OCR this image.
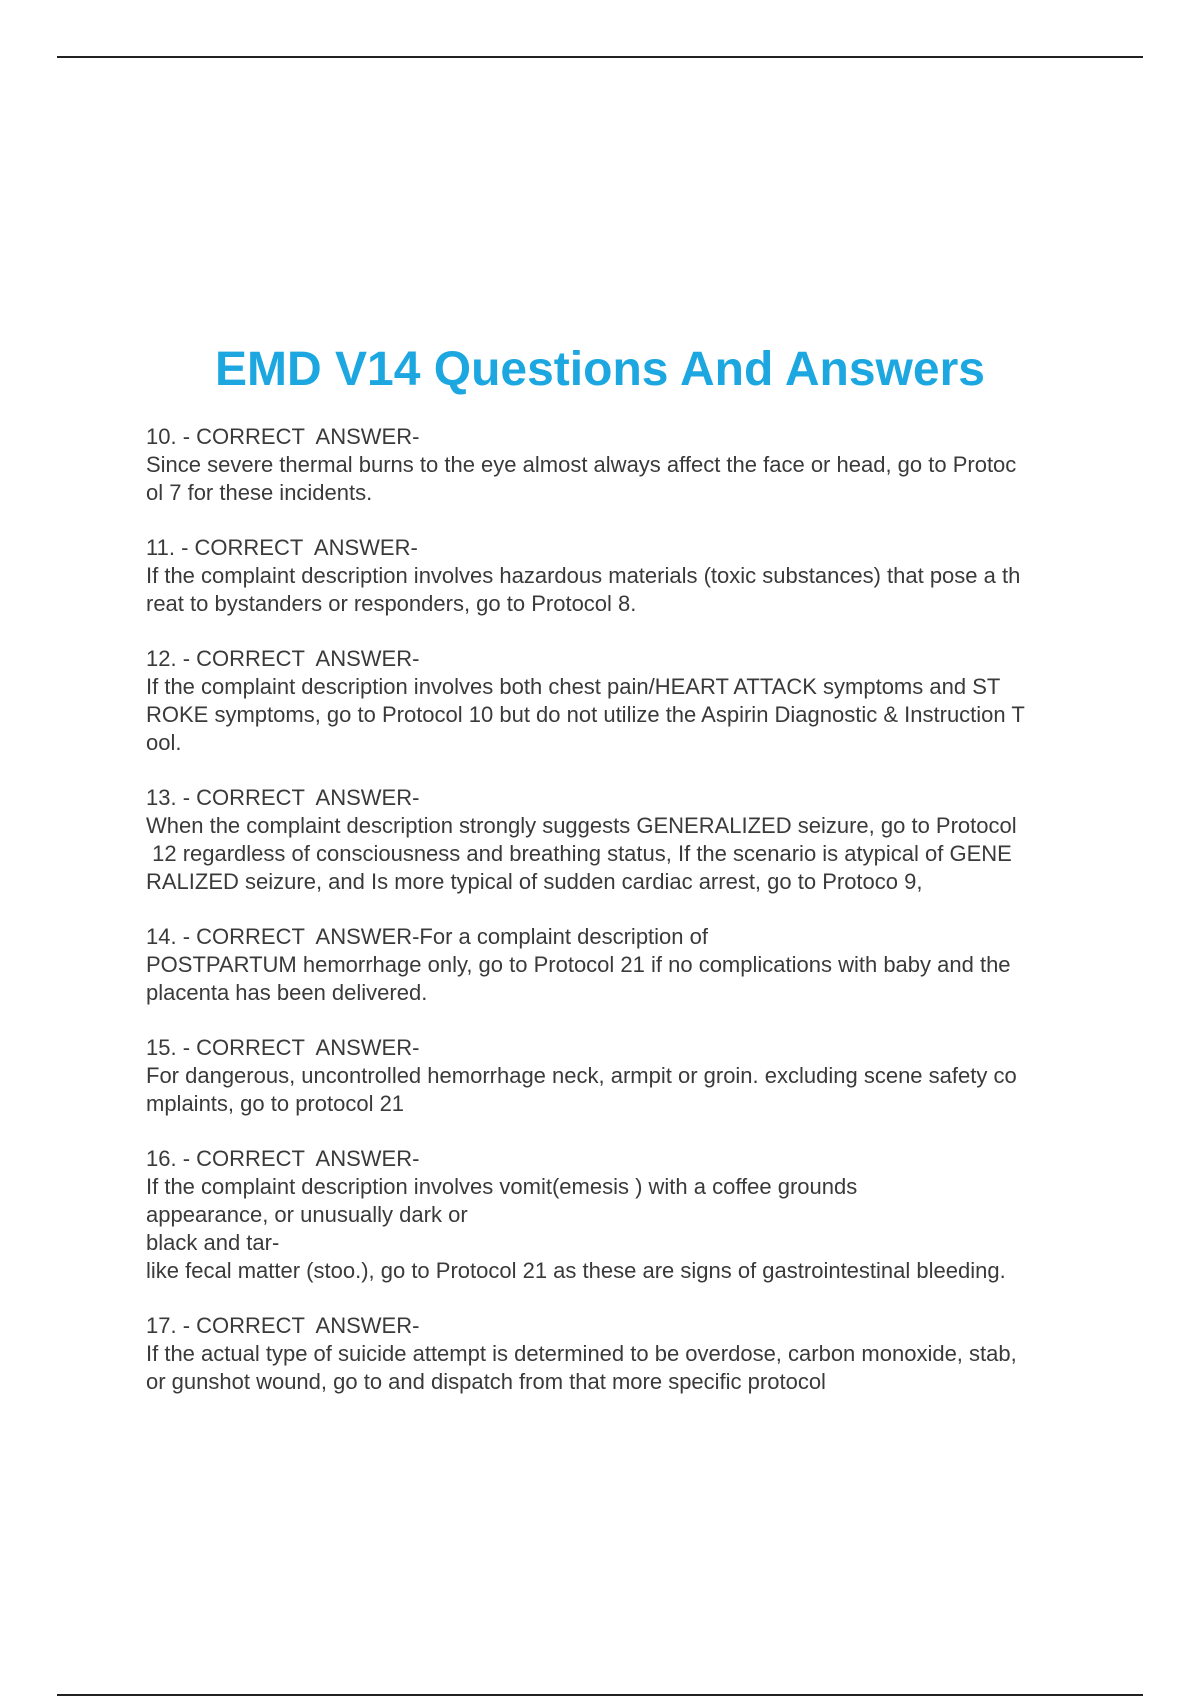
EMD V14 Questions And Answers
10. - CORRECT  ANSWER-
Since severe thermal burns to the eye almost always affect the face or head, go to Protoc
ol 7 for these incidents.
11. - CORRECT  ANSWER-
If the complaint description involves hazardous materials (toxic substances) that pose a th
reat to bystanders or responders, go to Protocol 8.
12. - CORRECT  ANSWER-
If the complaint description involves both chest pain/HEART ATTACK symptoms and ST
ROKE symptoms, go to Protocol 10 but do not utilize the Aspirin Diagnostic & Instruction T
ool.
13. - CORRECT  ANSWER-
When the complaint description strongly suggests GENERALIZED seizure, go to Protocol
12 regardless of consciousness and breathing status, If the scenario is atypical of GENE
RALIZED seizure, and Is more typical of sudden cardiac arrest, go to Protoco 9,
14. - CORRECT  ANSWER-For a complaint description of
POSTPARTUM hemorrhage only, go to Protocol 21 if no complications with baby and the
placenta has been delivered.
15. - CORRECT  ANSWER-
For dangerous, uncontrolled hemorrhage neck, armpit or groin. excluding scene safety co
mplaints, go to protocol 21
16. - CORRECT  ANSWER-
If the complaint description involves vomit(emesis ) with a coffee grounds
appearance, or unusually dark or
black and tar-
like fecal matter (stoo.), go to Protocol 21 as these are signs of gastrointestinal bleeding.
17. - CORRECT  ANSWER-
If the actual type of suicide attempt is determined to be overdose, carbon monoxide, stab,
or gunshot wound, go to and dispatch from that more specific protocol
